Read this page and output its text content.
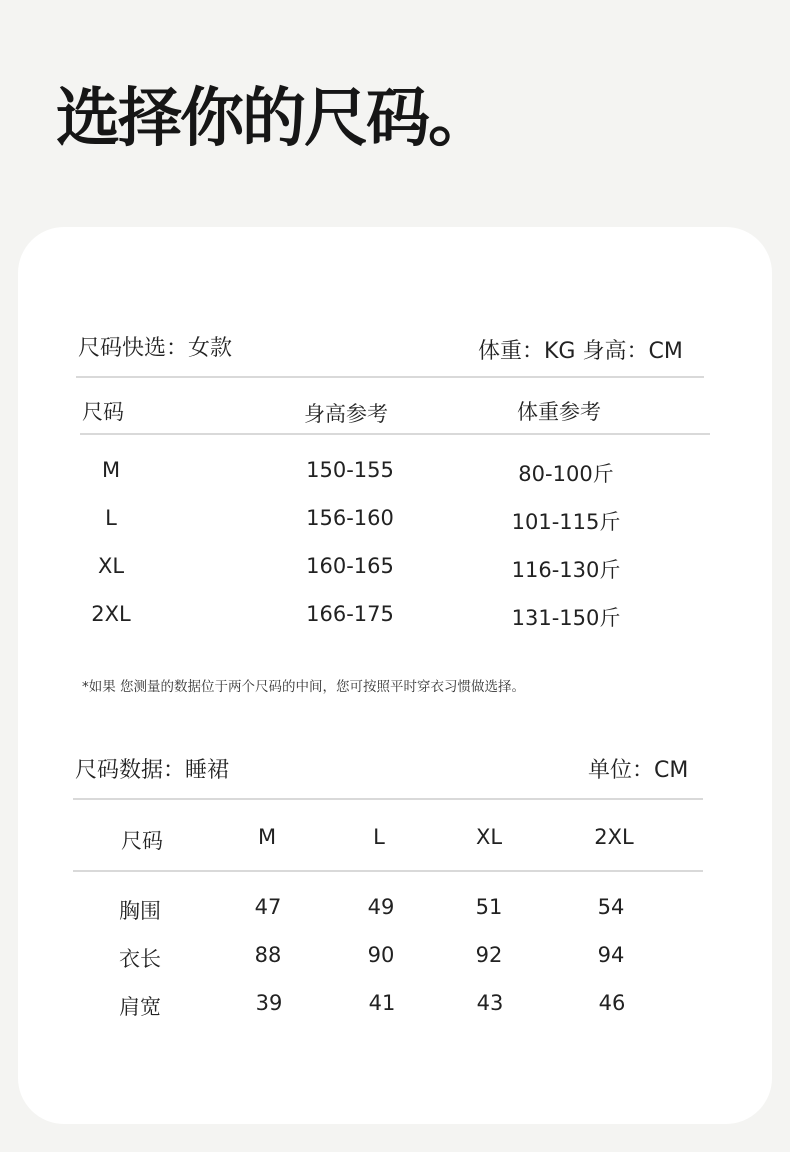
选择你的尺码。
尺码快选：女款	体重：KG 身高：CM
尺码	身高参考	体重参考
M	150-155	80-100斤
L	156-160	101-115斤
XL	160-165	116-130斤
2XL	166-175	131-150斤
*如果 您测量的数据位于两个尺码的中间，您可按照平时穿衣习惯做选择。
尺码数据：睡裙	单位：CM
尺码	M	L	XL	2XL
胸围	47	49	51	54
衣长	88	90	92	94
肩宽	39	41	43	46
